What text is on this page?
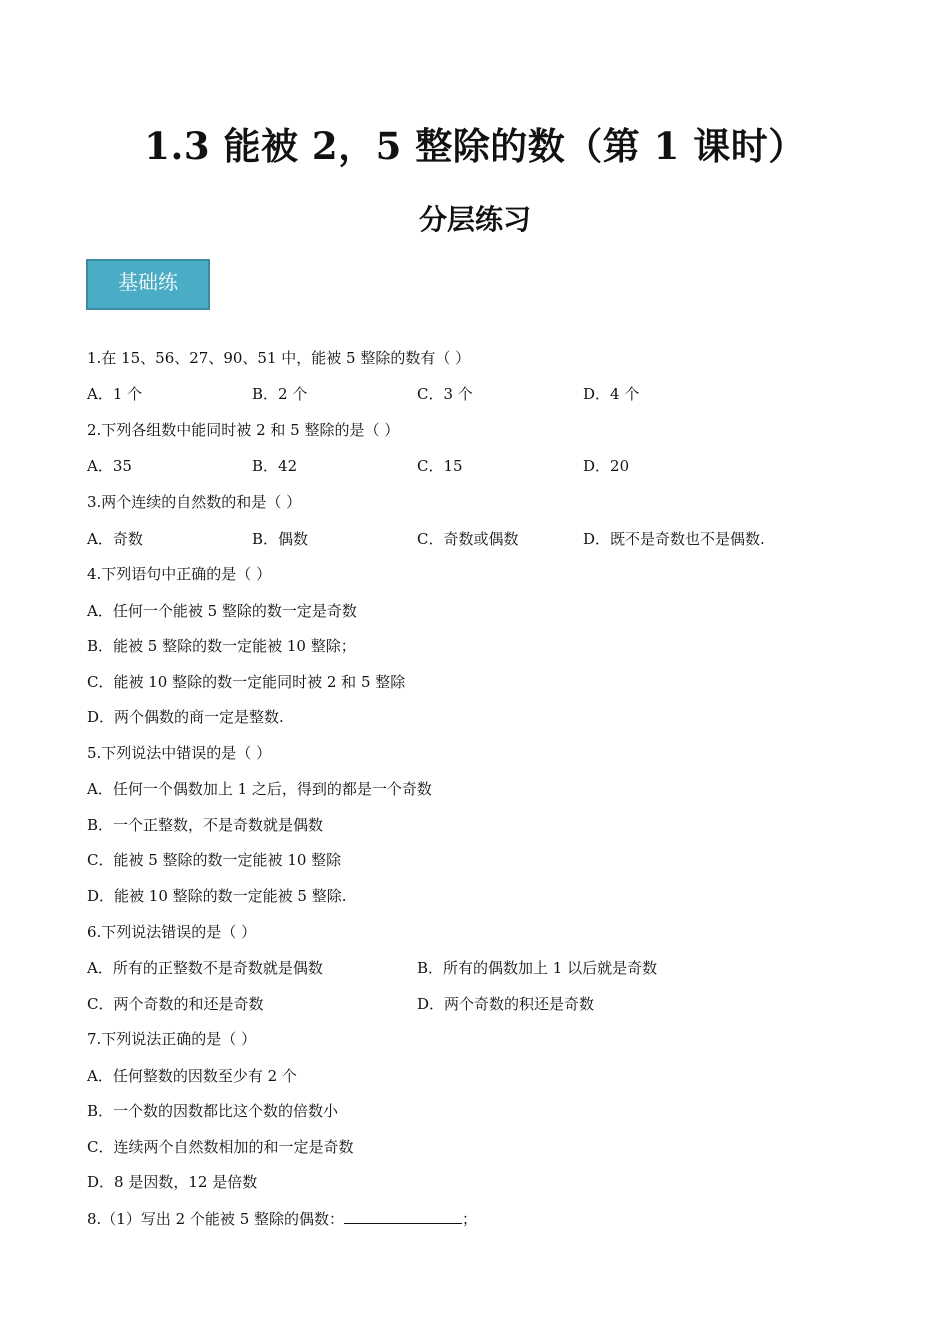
1.3 能被 2，5 整除的数（第 1 课时）
分层练习
基础练
1.在 15、56、27、90、51 中，能被 5 整除的数有（ ）
A．1 个	B．2 个	C．3 个	D．4 个
2.下列各组数中能同时被 2 和 5 整除的是（ ）
A．35	B．42	C．15	D．20
3.两个连续的自然数的和是（ ）
A．奇数	B．偶数	C．奇数或偶数	D．既不是奇数也不是偶数.
4.下列语句中正确的是（ ）
A．任何一个能被 5 整除的数一定是奇数
B．能被 5 整除的数一定能被 10 整除；
C．能被 10 整除的数一定能同时被 2 和 5 整除
D．两个偶数的商一定是整数.
5.下列说法中错误的是（ ）
A．任何一个偶数加上 1 之后，得到的都是一个奇数
B．一个正整数，不是奇数就是偶数
C．能被 5 整除的数一定能被 10 整除
D．能被 10 整除的数一定能被 5 整除.
6.下列说法错误的是（ ）
A．所有的正整数不是奇数就是偶数	B．所有的偶数加上 1 以后就是奇数
C．两个奇数的和还是奇数	D．两个奇数的积还是奇数
7.下列说法正确的是（ ）
A．任何整数的因数至少有 2 个
B．一个数的因数都比这个数的倍数小
C．连续两个自然数相加的和一定是奇数
D．8 是因数，12 是倍数
8.（1）写出 2 个能被 5 整除的偶数：	；
